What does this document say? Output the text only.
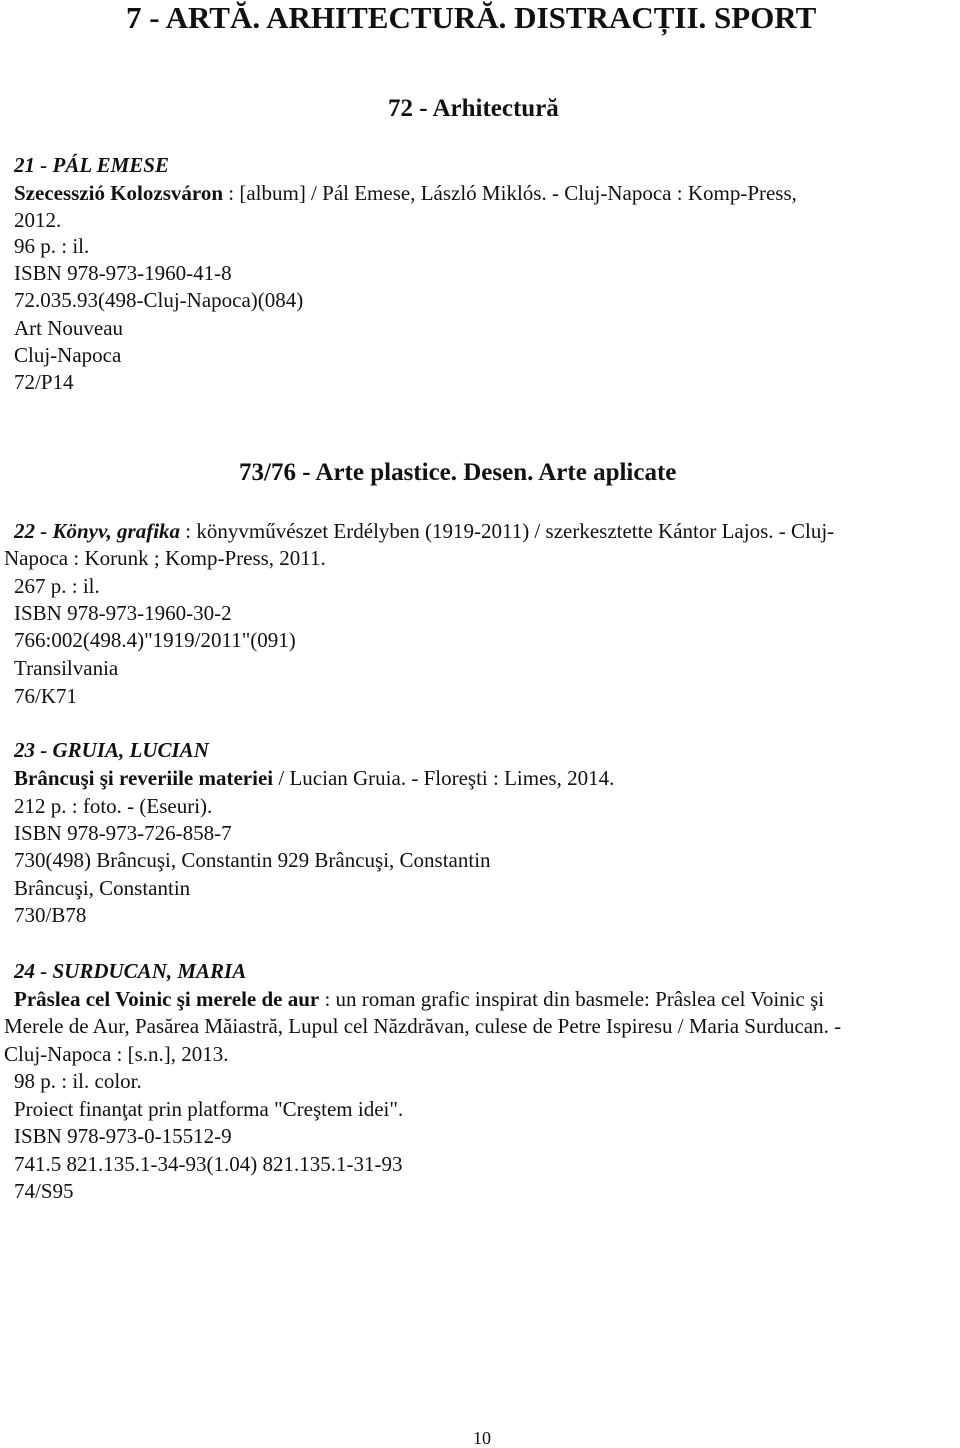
7 - ARTĂ. ARHITECTURĂ. DISTRACȚII. SPORT
72 - Arhitectură
21 - PÁL EMESE
Szecesszió Kolozsváron : [album] / Pál Emese, László Miklós. - Cluj-Napoca : Komp-Press,
2012.
96 p. : il.
ISBN 978-973-1960-41-8
72.035.93(498-Cluj-Napoca)(084)
Art Nouveau
Cluj-Napoca
72/P14
73/76 - Arte plastice. Desen. Arte aplicate
22 - Könyv, grafika : könyvművészet Erdélyben (1919-2011) / szerkesztette Kántor Lajos. - Cluj-
Napoca : Korunk ; Komp-Press, 2011.
267 p. : il.
ISBN 978-973-1960-30-2
766:002(498.4)"1919/2011"(091)
Transilvania
76/K71
23 - GRUIA, LUCIAN
Brâncuşi şi reveriile materiei / Lucian Gruia. - Floreşti : Limes, 2014.
212 p. : foto. - (Eseuri).
ISBN 978-973-726-858-7
730(498) Brâncuşi, Constantin 929 Brâncuşi, Constantin
Brâncuşi, Constantin
730/B78
24 - SURDUCAN, MARIA
Prâslea cel Voinic şi merele de aur : un roman grafic inspirat din basmele: Prâslea cel Voinic şi
Merele de Aur, Pasărea Măiastră, Lupul cel Năzdrăvan, culese de Petre Ispiresu / Maria Surducan. -
Cluj-Napoca : [s.n.], 2013.
98 p. : il. color.
Proiect finanţat prin platforma "Creştem idei".
ISBN 978-973-0-15512-9
741.5 821.135.1-34-93(1.04) 821.135.1-31-93
74/S95
10
